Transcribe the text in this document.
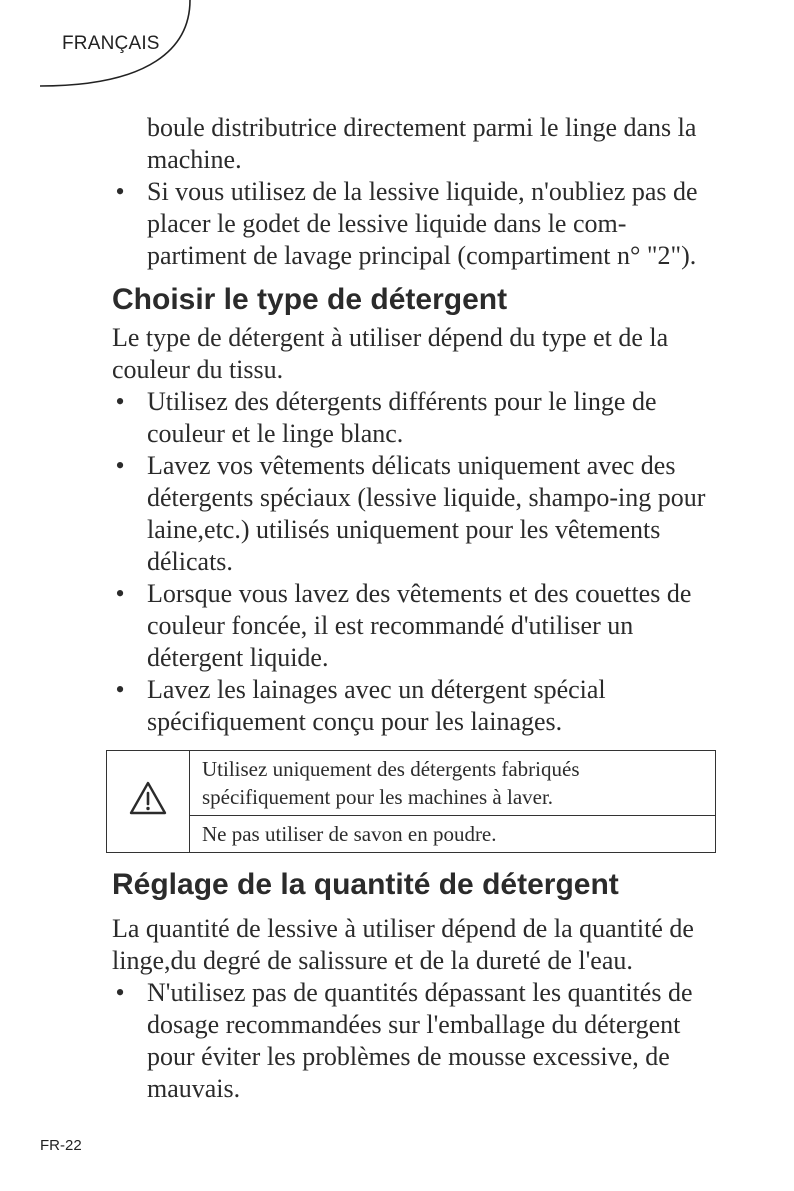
FRANÇAIS

boule distributrice directement parmi le linge dans la machine.

• Si vous utilisez de la lessive liquide, n'oubliez pas de placer le godet de lessive liquide dans le com-partiment de lavage principal (compartiment n° "2").
Choisir le type de détergent

Le type de détergent à utiliser dépend du type et de la couleur du tissu.

• Utilisez des détergents différents pour le linge de couleur et le linge blanc.
• Lavez vos vêtements délicats uniquement avec des détergents spéciaux (lessive liquide, shampo-ing pour laine,etc.) utilisés uniquement pour les vêtements délicats.
• Lorsque vous lavez des vêtements et des couettes de couleur foncée, il est recommandé d'utiliser un détergent liquide.
• Lavez les lainages avec un détergent spécial spécifiquement conçu pour les lainages.
	Utilisez uniquement des détergents fabriqués spécifiquement pour les machines à laver.
Ne pas utiliser de savon en poudre.
Réglage de la quantité de détergent

La quantité de lessive à utiliser dépend de la quantité de linge,du degré de salissure et de la dureté de l'eau.

• N'utilisez pas de quantités dépassant les quantités de dosage recommandées sur l'emballage du détergent pour éviter les problèmes de mousse excessive, de mauvais.
FR-22
